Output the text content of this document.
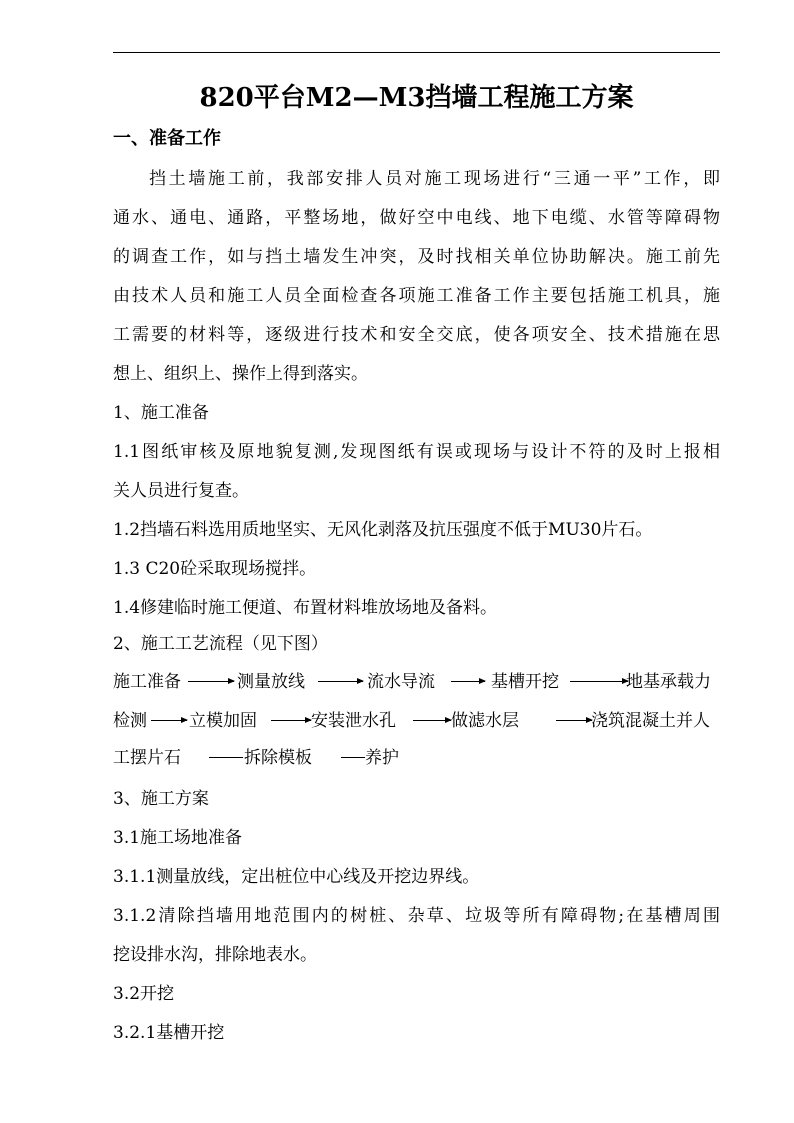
820平台M2—M3挡墙工程施工方案
一、准备工作
挡土墙施工前，我部安排人员对施工现场进行“三通一平”工作，即
通水、通电、通路，平整场地，做好空中电线、地下电缆、水管等障碍物
的调查工作，如与挡土墙发生冲突，及时找相关单位协助解决。施工前先
由技术人员和施工人员全面检查各项施工准备工作主要包括施工机具，施
工需要的材料等，逐级进行技术和安全交底，使各项安全、技术措施在思
想上、组织上、操作上得到落实。
1、施工准备
1.1图纸审核及原地貌复测,发现图纸有误或现场与设计不符的及时上报相
关人员进行复查。
1.2挡墙石料选用质地坚实、无风化剥落及抗压强度不低于MU30片石。
1.3 C20砼采取现场搅拌。
1.4修建临时施工便道、布置材料堆放场地及备料。
2、施工工艺流程（见下图）
施工准备	测量放线	流水导流	基槽开挖	地基承载力
检测 立模加固	安装泄水孔	做滤水层	浇筑混凝土并人
工摆片石	拆除模板	养护
3、施工方案
3.1施工场地准备
3.1.1测量放线，定出桩位中心线及开挖边界线。
3.1.2清除挡墙用地范围内的树桩、杂草、垃圾等所有障碍物;在基槽周围
挖设排水沟，排除地表水。
3.2开挖
3.2.1基槽开挖
